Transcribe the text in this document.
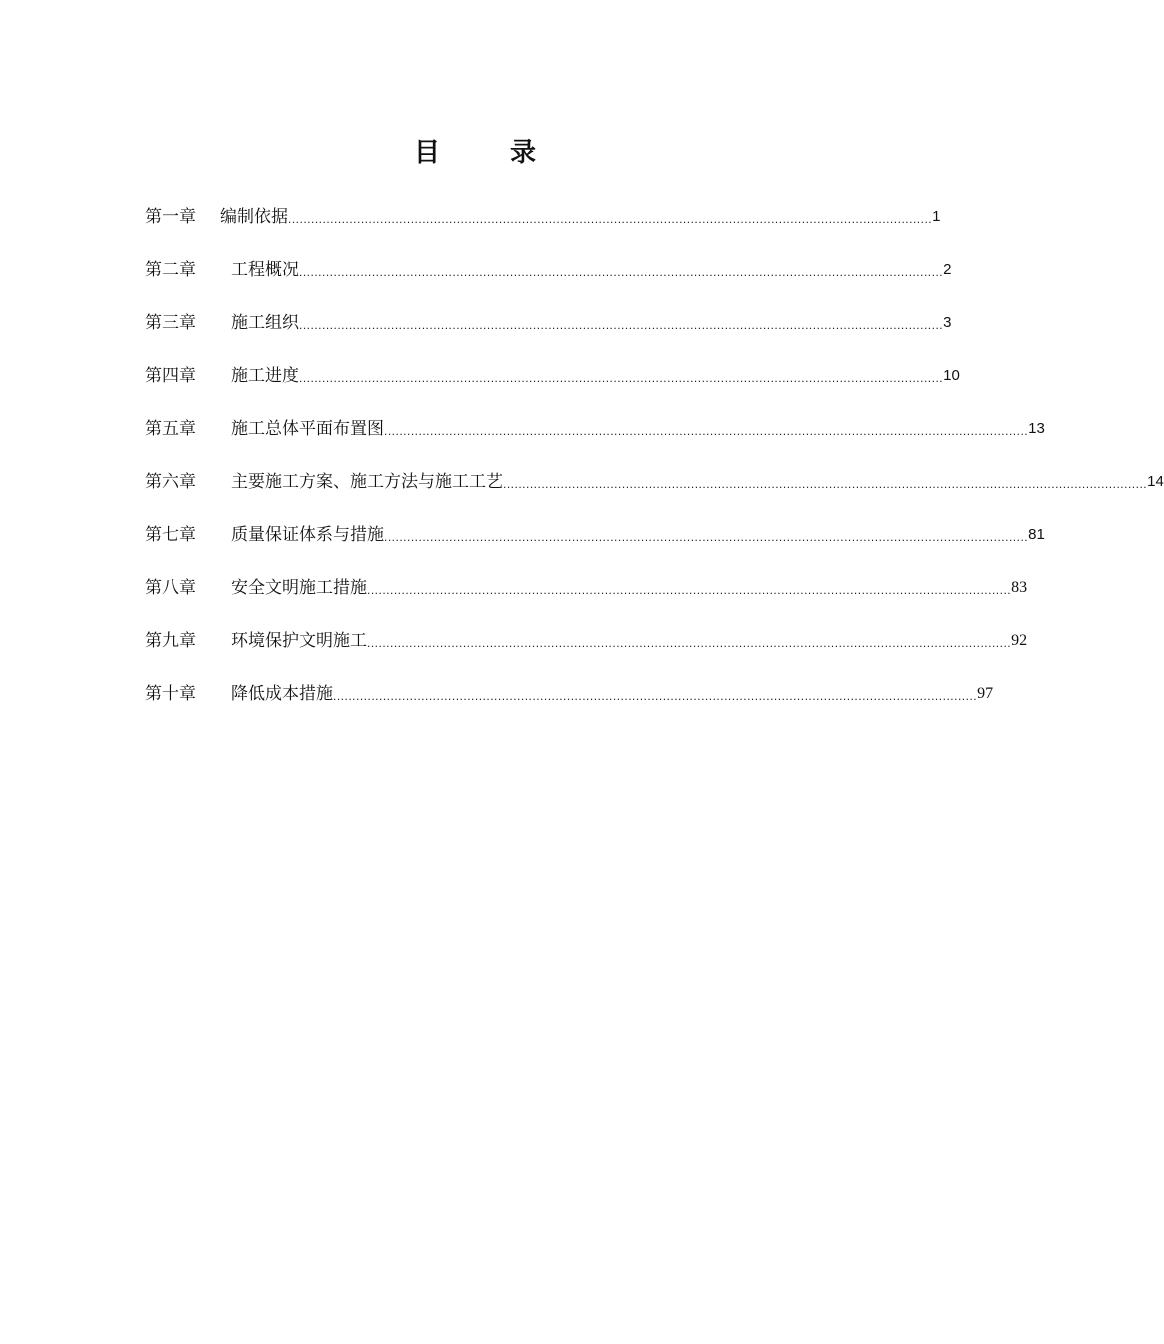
目　录
第一章	编制依据 ........................................................................................................................................................................ 1
第二章	工程概况 ........................................................................................................................................................................ 2
第三章	施工组织 ........................................................................................................................................................................ 3
第四章	施工进度 ........................................................................................................................................................................ 10
第五章	施工总体平面布置图 ........................................................................................................................................................................ 13
第六章	主要施工方案、施工方法与施工工艺 ........................................................................................................................................................................ 14
第七章	质量保证体系与措施 ........................................................................................................................................................................ 81
第八章	安全文明施工措施 ........................................................................................................................................................................ 83
第九章	环境保护文明施工 ........................................................................................................................................................................ 92
第十章	降低成本措施 ........................................................................................................................................................................ 97
